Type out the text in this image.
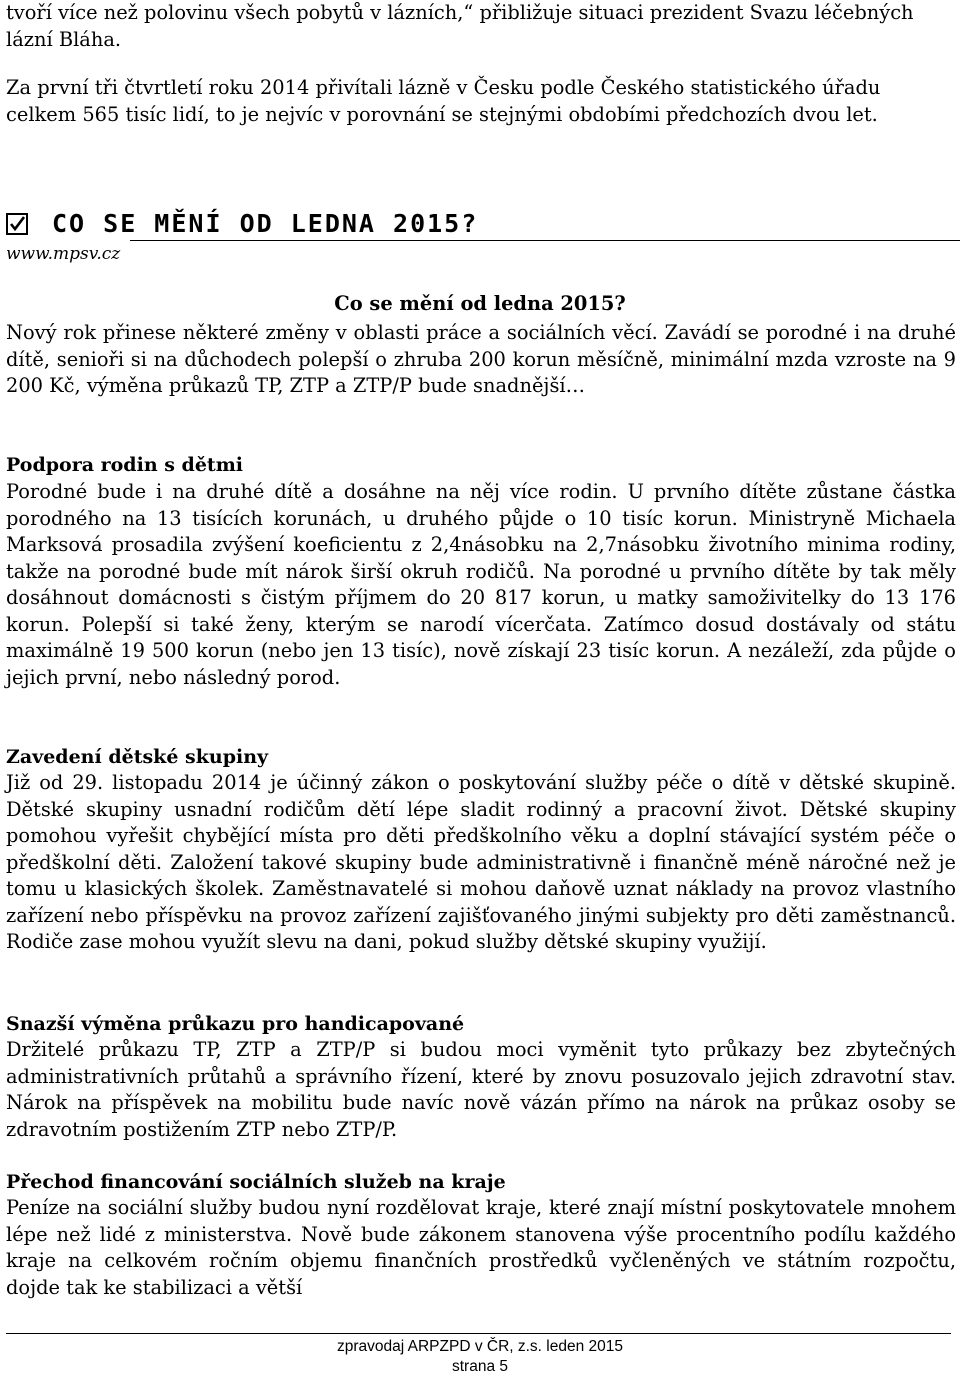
tvoří více než polovinu všech pobytů v lázních,“ přibližuje situaci prezident Svazu léčebných lázní Bláha.

Za první tři čtvrtletí roku 2014 přivítali lázně v Česku podle Českého statistického úřadu celkem 565 tisíc lidí, to je nejvíc v porovnání se stejnými obdobími předchozích dvou let.

CO SE MĚNÍ OD LEDNA 2015?
www.mpsv.cz
Co se mění od ledna 2015?

Nový rok přinese některé změny v oblasti práce a sociálních věcí. Zavádí se porodné i na druhé dítě, senioři si na důchodech polepší o zhruba 200 korun měsíčně, minimální mzda vzroste na 9 200 Kč, výměna průkazů TP, ZTP a ZTP/P bude snadnější…

Podpora rodin s dětmi

Porodné bude i na druhé dítě a dosáhne na něj více rodin. U prvního dítěte zůstane částka porodného na 13 tisících korunách, u druhého půjde o 10 tisíc korun. Ministryně Michaela Marksová prosadila zvýšení koeficientu z 2,4násobku na 2,7násobku životního minima rodiny, takže na porodné bude mít nárok širší okruh rodičů. Na porodné u prvního dítěte by tak měly dosáhnout domácnosti s čistým příjmem do 20 817 korun, u matky samoživitelky do 13 176 korun. Polepší si také ženy, kterým se narodí vícerčata. Zatímco dosud dostávaly od státu maximálně 19 500 korun (nebo jen 13 tisíc), nově získají 23 tisíc korun. A nezáleží, zda půjde o jejich první, nebo následný porod.

Zavedení dětské skupiny

Již od 29. listopadu 2014 je účinný zákon o poskytování služby péče o dítě v dětské skupině. Dětské skupiny usnadní rodičům dětí lépe sladit rodinný a pracovní život. Dětské skupiny pomohou vyřešit chybějící místa pro děti předškolního věku a doplní stávající systém péče o předškolní děti. Založení takové skupiny bude administrativně i finančně méně náročné než je tomu u klasických školek. Zaměstnavatelé si mohou daňově uznat náklady na provoz vlastního zařízení nebo příspěvku na provoz zařízení zajišťovaného jinými subjekty pro děti zaměstnanců. Rodiče zase mohou využít slevu na dani, pokud služby dětské skupiny využijí.

Snazší výměna průkazu pro handicapované

Držitelé průkazu TP, ZTP a ZTP/P si budou moci vyměnit tyto průkazy bez zbytečných administrativních průtahů a správního řízení, které by znovu posuzovalo jejich zdravotní stav. Nárok na příspěvek na mobilitu bude navíc nově vázán přímo na nárok na průkaz osoby se zdravotním postižením ZTP nebo ZTP/P.

Přechod financování sociálních služeb na kraje

Peníze na sociální služby budou nyní rozdělovat kraje, které znají místní poskytovatele mnohem lépe než lidé z ministerstva. Nově bude zákonem stanovena výše procentního podílu každého kraje na celkovém ročním objemu finančních prostředků vyčleněných ve státním rozpočtu, dojde tak ke stabilizaci a větší

zpravodaj ARPZPD v ČR, z.s. leden 2015
strana 5
